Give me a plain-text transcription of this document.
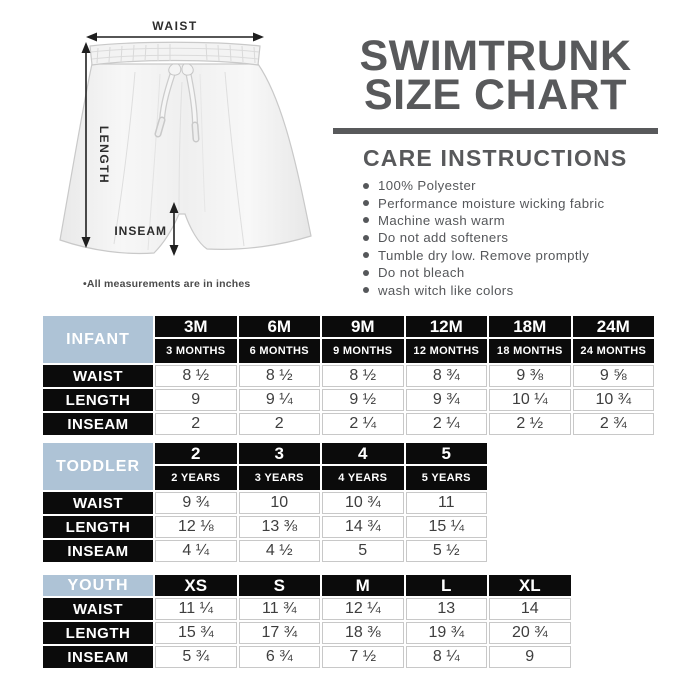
WAIST
LENGTH
INSEAM
•All measurements are in inches
SWIMTRUNK
SIZE CHART
CARE INSTRUCTIONS
100% Polyester
Performance moisture wicking fabric
Machine wash warm
Do not add softeners
Tumble dry low. Remove promptly
Do not bleach
wash witch like colors
INFANT
3M	6M	9M	12M	18M	24M
3 MONTHS	6 MONTHS	9 MONTHS	12 MONTHS	18 MONTHS	24 MONTHS
WAIST	8 ½	8 ½	8 ½	8 ¾	9 ⅜	9 ⅝
LENGTH	9	9 ¼	9 ½	9 ¾	10 ¼	10 ¾
INSEAM	2	2	2 ¼	2 ¼	2 ½	2 ¾
TODDLER
2	3	4	5
2 YEARS	3 YEARS	4 YEARS	5 YEARS
WAIST	9 ¾	10	10 ¾	11
LENGTH	12 ⅛	13 ⅜	14 ¾	15 ¼
INSEAM	4 ¼	4 ½	5	5 ½
YOUTH	XS	S	M	L	XL
WAIST	11 ¼	11 ¾	12 ¼	13	14
LENGTH	15 ¾	17 ¾	18 ⅜	19 ¾	20 ¾
INSEAM	5 ¾	6 ¾	7 ½	8 ¼	9
